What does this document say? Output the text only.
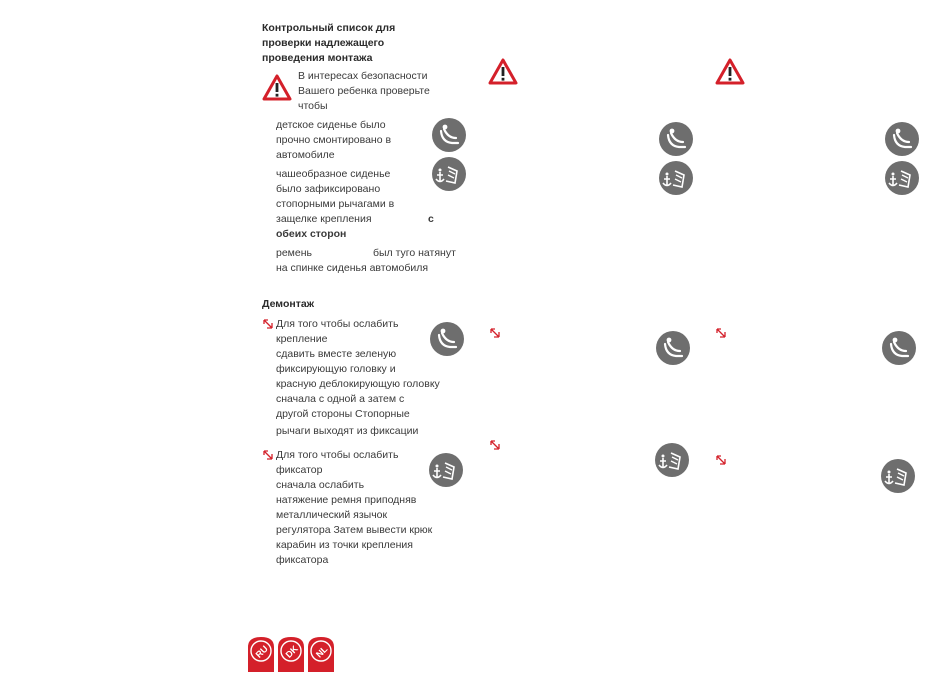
Контрольный список для
проверки надлежащего
проведения монтажа
В интересах безопасности
Вашего ребенка проверьте
чтобы
детское сиденье было
прочно смонтировано в
автомобиле
чашеобразное сиденье
было зафиксировано
стопорными рычагами в
защелке крепления	с
обеих сторон
ремень	был туго натянут
на спинке сиденья автомобиля
Демонтаж
Для того чтобы ослабить
крепление
сдавить вместе зеленую
фиксирующую головку и
красную деблокирующую головку
сначала с одной а затем с
другой стороны Стопорные
рычаги выходят из фиксации
Для того чтобы ослабить
фиксатор
сначала ослабить
натяжение ремня приподняв
металлический язычок
регулятора Затем вывести крюк
карабин из точки крепления
фиксатора
RU DK NL
